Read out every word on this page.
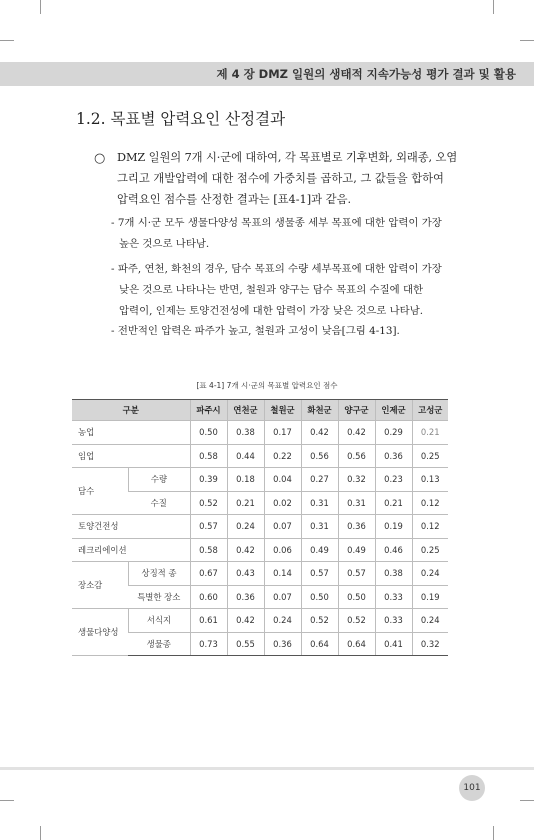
제 4 장 DMZ 일원의 생태적 지속가능성 평가 결과 및 활용
1.2. 목표별 압력요인 산정결과
○ DMZ 일원의 7개 시·군에 대하여, 각 목표별로 기후변화, 외래종, 오염
그리고 개발압력에 대한 점수에 가중치를 곱하고, 그 값들을 합하여
압력요인 점수를 산정한 결과는 [표4-1]과 같음.
- 7개 시·군 모두 생물다양성 목표의 생물종 세부 목표에 대한 압력이 가장
높은 것으로 나타남.
- 파주, 연천, 화천의 경우, 담수 목표의 수량 세부목표에 대한 압력이 가장
낮은 것으로 나타나는 반면, 철원과 양구는 담수 목표의 수질에 대한
압력이, 인제는 토양건전성에 대한 압력이 가장 낮은 것으로 나타남.
- 전반적인 압력은 파주가 높고, 철원과 고성이 낮음[그림 4-13].
[표 4-1] 7개 시·군의 목표별 압력요인 점수
구분		파주시	연천군	철원군	화천군	양구군	인제군	고성군
농업		0.50	0.38	0.17	0.42	0.42	0.29	0.21
임업		0.58	0.44	0.22	0.56	0.56	0.36	0.25
담수	수량	0.39	0.18	0.04	0.27	0.32	0.23	0.13
	수질	0.52	0.21	0.02	0.31	0.31	0.21	0.12
토양건전성		0.57	0.24	0.07	0.31	0.36	0.19	0.12
레크리에이션		0.58	0.42	0.06	0.49	0.49	0.46	0.25
장소감	상징적 종	0.67	0.43	0.14	0.57	0.57	0.38	0.24
	특별한 장소	0.60	0.36	0.07	0.50	0.50	0.33	0.19
생물다양성	서식지	0.61	0.42	0.24	0.52	0.52	0.33	0.24
	생물종	0.73	0.55	0.36	0.64	0.64	0.41	0.32
101
